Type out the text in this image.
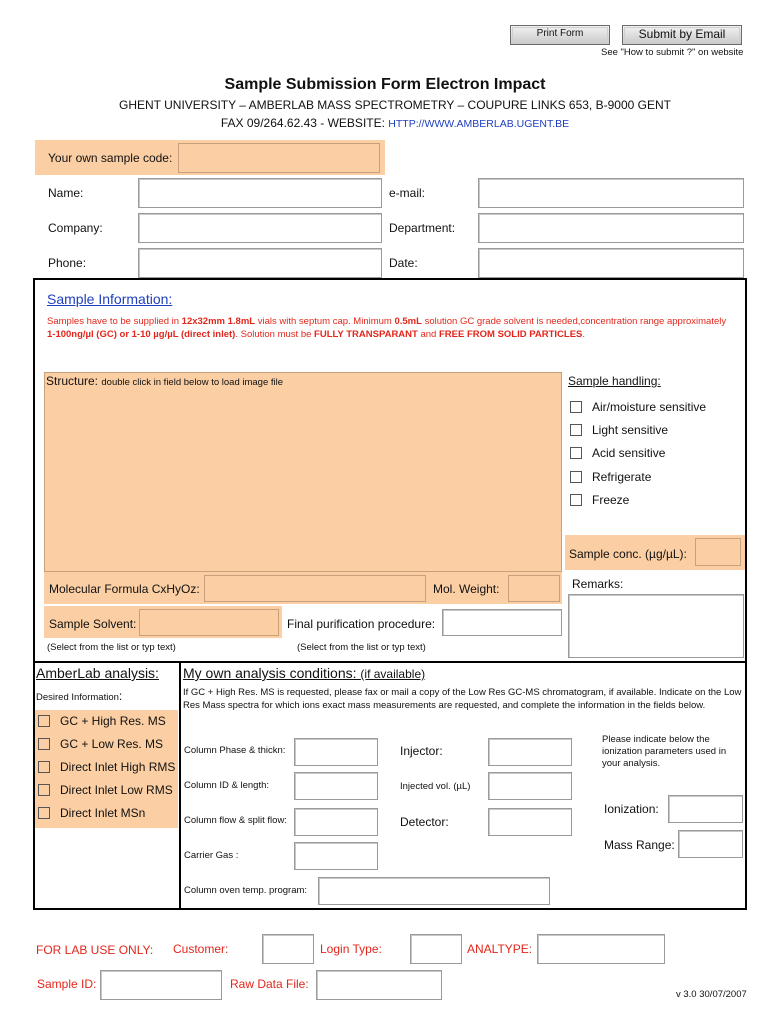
Print Form	Submit by Email
See "How to submit ?" on website
Sample Submission Form Electron Impact
GHENT UNIVERSITY – AMBERLAB MASS SPECTROMETRY – COUPURE LINKS 653, B-9000 GENT
FAX 09/264.62.43 - WEBSITE: HTTP://WWW.AMBERLAB.UGENT.BE
Your own sample code:
Name:	e-mail:
Company:	Department:
Phone:	Date:
Sample Information:
Samples have to be supplied in 12x32mm 1.8mL vials with septum cap. Minimum 0.5mL solution GC grade solvent is needed,concentration range approximately
1-100ng/µl (GC) or 1-10 µg/µL (direct inlet). Solution must be FULLY TRANSPARANT and FREE FROM SOLID PARTICLES.
Structure: double click in field below to load image file	Sample handling:
Air/moisture sensitive
Light sensitive
Acid sensitive
Refrigerate
Freeze
Sample conc. (µg/µL):
Molecular Formula CxHyOz:	Mol. Weight:	Remarks:
Sample Solvent:	Final purification procedure:
(Select from the list or typ text)	(Select from the list or typ text)
AmberLab analysis:
Desired Information:
GC + High Res. MS
GC + Low Res. MS
Direct Inlet High RMS
Direct Inlet Low RMS
Direct Inlet MSn
My own analysis conditions: (if available)
If GC + High Res. MS is requested, please fax or mail a copy of the Low Res GC-MS chromatogram, if available. Indicate on the Low Res Mass spectra for which ions exact mass measurements are requested, and complete the information in the fields below.
Column Phase & thickn:	Injector:
Please indicate below the ionization parameters used in your analysis.
Column ID & length:	Injected vol. (µL)
Ionization:
Column flow & split flow:	Detector:
Mass Range:
Carrier Gas :
Column oven temp. program:
FOR LAB USE ONLY: Customer:	Login Type:	ANALTYPE:
Sample ID:	Raw Data File:
v 3.0 30/07/2007
